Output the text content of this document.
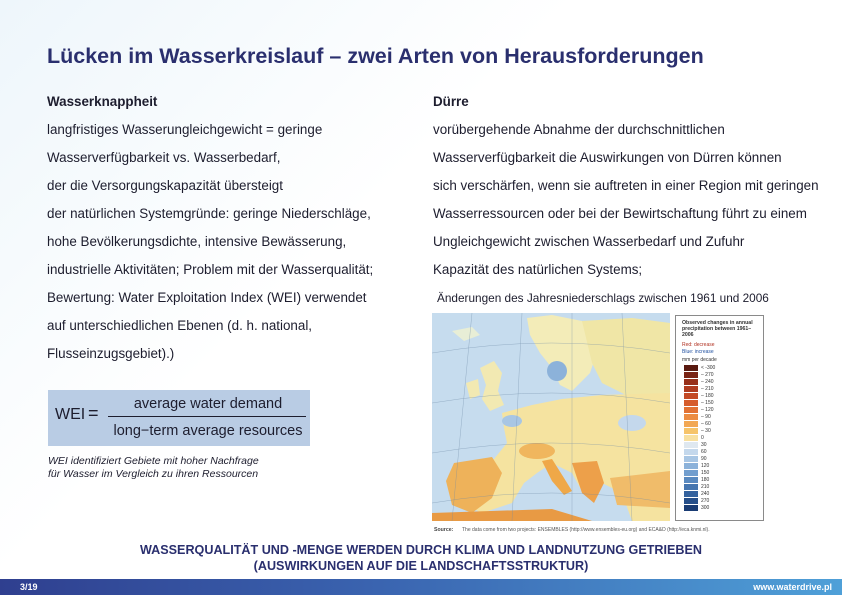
Lücken im Wasserkreislauf – zwei Arten von Herausforderungen
Wasserknappheit
langfristiges Wasserungleichgewicht = geringe
Wasserverfügbarkeit vs. Wasserbedarf,
der die Versorgungskapazität übersteigt
der natürlichen Systemgründe: geringe Niederschläge,
hohe Bevölkerungsdichte, intensive Bewässerung,
industrielle Aktivitäten; Problem mit der Wasserqualität;
Bewertung: Water Exploitation Index (WEI) verwendet
auf unterschiedlichen Ebenen (d. h. national,
Flusseinzugsgebiet).)
WEI =	average water demand
long−term average resources
WEI identifiziert Gebiete mit hoher Nachfrage
für Wasser im Vergleich zu ihren Ressourcen
Dürre
vorübergehende Abnahme der durchschnittlichen
Wasserverfügbarkeit die Auswirkungen von Dürren können
sich verschärfen, wenn sie auftreten in einer Region mit geringen
Wasserressourcen oder bei der Bewirtschaftung führt zu einem
Ungleichgewicht zwischen Wasserbedarf und Zufuhr
Kapazität des natürlichen Systems;
Änderungen des Jahresniederschlags zwischen 1961 und 2006
Observed changes in annual precipitation between 1961–2006
Red: decrease
Blue: increase
mm per decade
< -300
– 270
– 240
– 210
– 180
– 150
– 120
– 90
– 60
– 30
0
30
60
90
120
150
180
210
240
270
300
Source: The data come from two projects: ENSEMBLES (http://www.ensembles-eu.org) and ECA&D (http://eca.knmi.nl).
WASSERQUALITÄT UND -MENGE WERDEN DURCH KLIMA UND LANDNUTZUNG GETRIEBEN
(AUSWIRKUNGEN AUF DIE LANDSCHAFTSSTRUKTUR)
3/19	www.waterdrive.pl
